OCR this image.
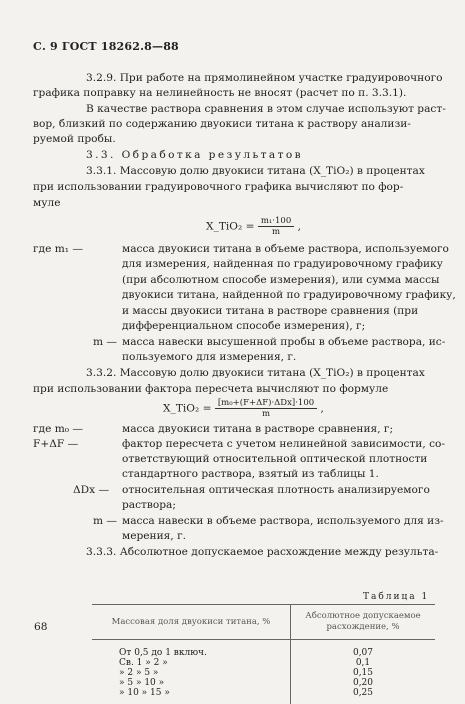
С. 9 ГОСТ 18262.8—88
3.2.9. При работе на прямолинейном участке градуировочного
графика поправку на нелинейность не вносят (расчет по п. 3.3.1).
В качестве раствора сравнения в этом случае используют раст-
вор, близкий по содержанию двуокиси титана к раствору анализи-
руемой пробы.
3.3. Обработка результатов
3.3.1. Массовую долю двуокиси титана (X_TiO₂) в процентах
при использовании градуировочного графика вычисляют по фор-
муле
X_TiO₂ = $\frac{\text{m₁·100}}{m}$ ,
где m₁ —	масса двуокиси титана в объеме раствора, используемого
для измерения, найденная по градуировочному графику
(при абсолютном способе измерения), или сумма массы
двуокиси титана, найденной по градуировочному графику,
и массы двуокиси титана в растворе сравнения (при
дифференциальном способе измерения), г;
m — масса навески высушенной пробы в объеме раствора, ис-
пользуемого для измерения, г.
3.3.2. Массовую долю двуокиси титана (X_TiO₂) в процентах
при использовании фактора пересчета вычисляют по формуле
X_TiO₂ = $\frac{\text{[m₀+(F+ΔF)·ΔDx]·100}}{m}$ ,
где m₀ —	масса двуокиси титана в растворе сравнения, г;
F+ΔF —	фактор пересчета с учетом нелинейной зависимости, со-
ответствующий относительной оптической плотности
стандартного раствора, взятый из таблицы 1.
ΔDx — относительная оптическая плотность анализируемого
Таблица 1
Массовая доля двуокиси титана, %	Абсолютное допускаемое расхождение, %
От 0,5 до 1 включ.	0,07
Св. 1 » 2 »	0,1
» 2 » 5 »	0,15
» 5 » 10 »	0,20
» 10 » 15 »	0,25
68
раствора;
m — масса навески в объеме раствора, используемого для из-
мерения, г.
3.3.3. Абсолютное допускаемое расхождение между результа-
